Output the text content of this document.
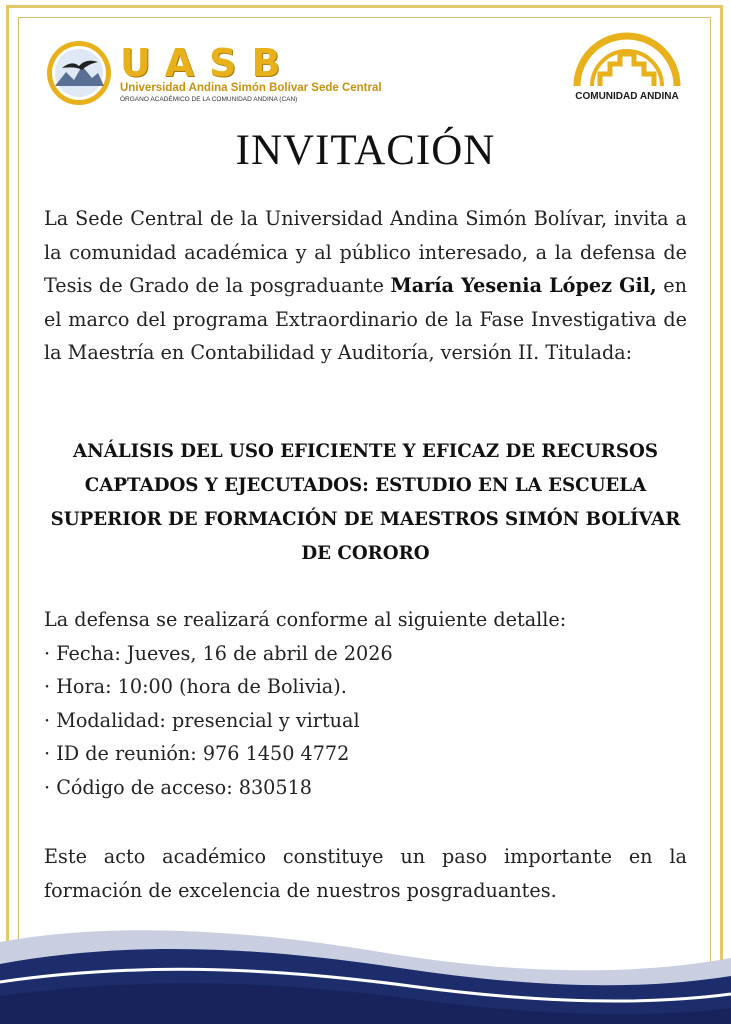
UASB
Universidad Andina Simón Bolívar Sede Central
ÓRGANO ACADÉMICO DE LA COMUNIDAD ANDINA (CAN)	COMUNIDAD ANDINA
INVITACIÓN
La Sede Central de la Universidad Andina Simón Bolívar, invita a la comunidad académica y al público interesado, a la defensa de Tesis de Grado de la posgraduante María Yesenia López Gil, en el marco del programa Extraordinario de la Fase Investigativa de la Maestría en Contabilidad y Auditoría, versión II. Titulada:
ANÁLISIS DEL USO EFICIENTE Y EFICAZ DE RECURSOS CAPTADOS Y EJECUTADOS: ESTUDIO EN LA ESCUELA SUPERIOR DE FORMACIÓN DE MAESTROS SIMÓN BOLÍVAR DE CORORO
La defensa se realizará conforme al siguiente detalle:
· Fecha: Jueves, 16 de abril de 2026
· Hora: 10:00 (hora de Bolivia).
· Modalidad: presencial y virtual
· ID de reunión: 976 1450 4772
· Código de acceso: 830518
Este acto académico constituye un paso importante en la formación de excelencia de nuestros posgraduantes.
